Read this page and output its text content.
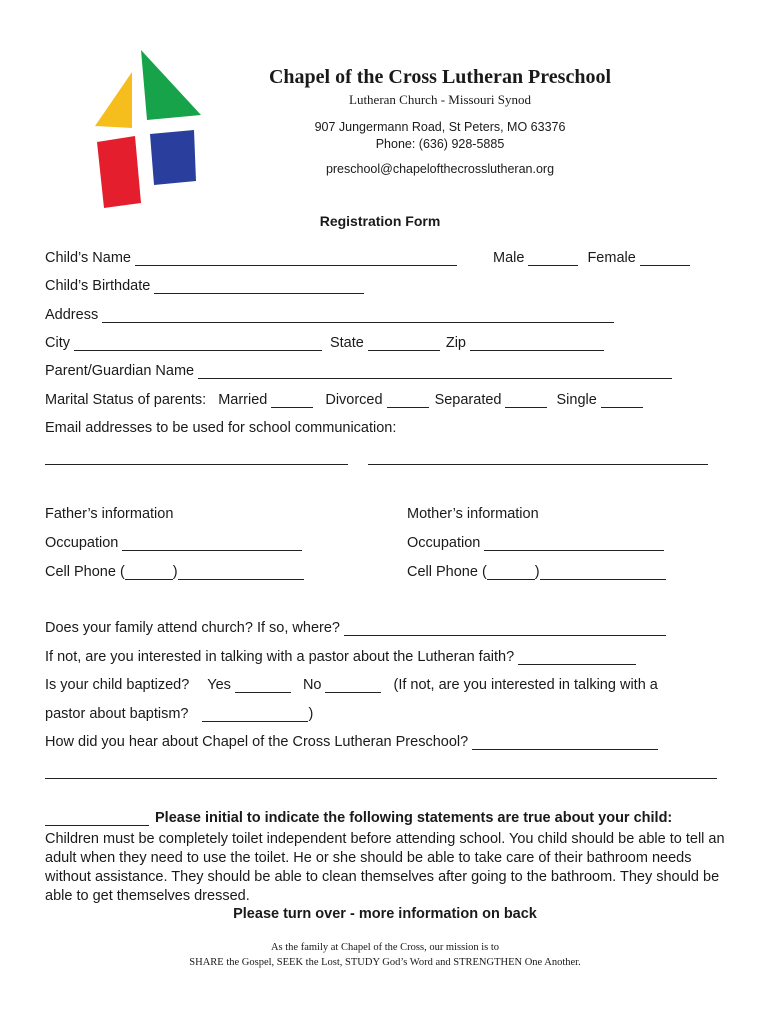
Chapel of the Cross Lutheran Preschool
Lutheran Church - Missouri Synod
907 Jungermann Road, St Peters, MO 63376
Phone: (636) 928-5885
preschool@chapelofthecrosslutheran.org
Registration Form
Child’s Name	Male	Female
Child’s Birthdate
Address
City	State	Zip
Parent/Guardian Name
Marital Status of parents: Married	Divorced	Separated	Single
Email addresses to be used for school communication:
Father’s information	Mother’s information
Occupation	Occupation
Cell Phone (	)	Cell Phone (	)
Does your family attend church? If so, where?
If not, are you interested in talking with a pastor about the Lutheran faith?
Is your child baptized? Yes	No	(If not, are you interested in talking with a
pastor about baptism?	)
How did you hear about Chapel of the Cross Lutheran Preschool?
Please initial to indicate the following statements are true about your child:
Children must be completely toilet independent before attending school. You child should be able to tell an adult when they need to use the toilet. He or she should be able to take care of their bathroom needs without assistance. They should be able to clean themselves after going to the bathroom. They should be able to get themselves dressed.
Please turn over - more information on back
As the family at Chapel of the Cross, our mission is to
SHARE the Gospel, SEEK the Lost, STUDY God’s Word and STRENGTHEN One Another.
